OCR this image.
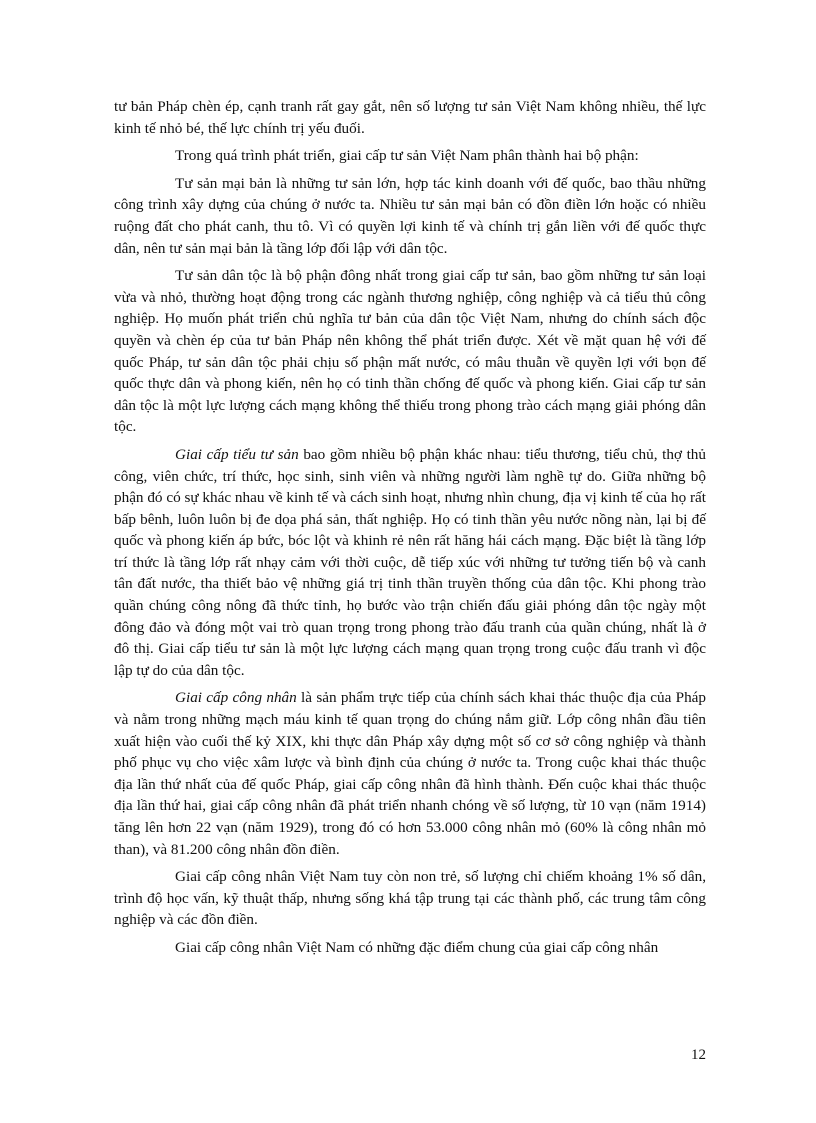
tư bản Pháp chèn ép, cạnh tranh rất gay gắt, nên số lượng tư sản Việt Nam không nhiều, thế lực kinh tế nhỏ bé, thế lực chính trị yếu đuối.

Trong quá trình phát triển, giai cấp tư sản Việt Nam phân thành hai bộ phận:

Tư sản mại bản là những tư sản lớn, hợp tác kinh doanh với đế quốc, bao thầu những công trình xây dựng của chúng ở nước ta. Nhiều tư sản mại bản có đồn điền lớn hoặc có nhiều ruộng đất cho phát canh, thu tô. Vì có quyền lợi kinh tế và chính trị gắn liền với đế quốc thực dân, nên tư sản mại bản là tầng lớp đối lập với dân tộc.

Tư sản dân tộc là bộ phận đông nhất trong giai cấp tư sản, bao gồm những tư sản loại vừa và nhỏ, thường hoạt động trong các ngành thương nghiệp, công nghiệp và cả tiểu thủ công nghiệp. Họ muốn phát triển chủ nghĩa tư bản của dân tộc Việt Nam, nhưng do chính sách độc quyền và chèn ép của tư bản Pháp nên không thể phát triển được. Xét về mặt quan hệ với đế quốc Pháp, tư sản dân tộc phải chịu số phận mất nước, có mâu thuẫn về quyền lợi với bọn đế quốc thực dân và phong kiến, nên họ có tinh thần chống đế quốc và phong kiến. Giai cấp tư sản dân tộc là một lực lượng cách mạng không thể thiếu trong phong trào cách mạng giải phóng dân tộc.

Giai cấp tiểu tư sản bao gồm nhiều bộ phận khác nhau: tiểu thương, tiểu chủ, thợ thủ công, viên chức, trí thức, học sinh, sinh viên và những người làm nghề tự do. Giữa những bộ phận đó có sự khác nhau về kinh tế và cách sinh hoạt, nhưng nhìn chung, địa vị kinh tế của họ rất bấp bênh, luôn luôn bị đe dọa phá sản, thất nghiệp. Họ có tinh thần yêu nước nồng nàn, lại bị đế quốc và phong kiến áp bức, bóc lột và khinh rẻ nên rất hăng hái cách mạng. Đặc biệt là tầng lớp trí thức là tầng lớp rất nhạy cảm với thời cuộc, dễ tiếp xúc với những tư tưởng tiến bộ và canh tân đất nước, tha thiết bảo vệ những giá trị tinh thần truyền thống của dân tộc. Khi phong trào quần chúng công nông đã thức tỉnh, họ bước vào trận chiến đấu giải phóng dân tộc ngày một đông đảo và đóng một vai trò quan trọng trong phong trào đấu tranh của quần chúng, nhất là ở đô thị. Giai cấp tiểu tư sản là một lực lượng cách mạng quan trọng trong cuộc đấu tranh vì độc lập tự do của dân tộc.

Giai cấp công nhân là sản phẩm trực tiếp của chính sách khai thác thuộc địa của Pháp và nằm trong những mạch máu kinh tế quan trọng do chúng nắm giữ. Lớp công nhân đầu tiên xuất hiện vào cuối thế kỷ XIX, khi thực dân Pháp xây dựng một số cơ sở công nghiệp và thành phố phục vụ cho việc xâm lược và bình định của chúng ở nước ta. Trong cuộc khai thác thuộc địa lần thứ nhất của đế quốc Pháp, giai cấp công nhân đã hình thành. Đến cuộc khai thác thuộc địa lần thứ hai, giai cấp công nhân đã phát triển nhanh chóng về số lượng, từ 10 vạn (năm 1914) tăng lên hơn 22 vạn (năm 1929), trong đó có hơn 53.000 công nhân mỏ (60% là công nhân mỏ than), và 81.200 công nhân đồn điền.

Giai cấp công nhân Việt Nam tuy còn non trẻ, số lượng chỉ chiếm khoảng 1% số dân, trình độ học vấn, kỹ thuật thấp, nhưng sống khá tập trung tại các thành phố, các trung tâm công nghiệp và các đồn điền.

Giai cấp công nhân Việt Nam có những đặc điểm chung của giai cấp công nhân

12
